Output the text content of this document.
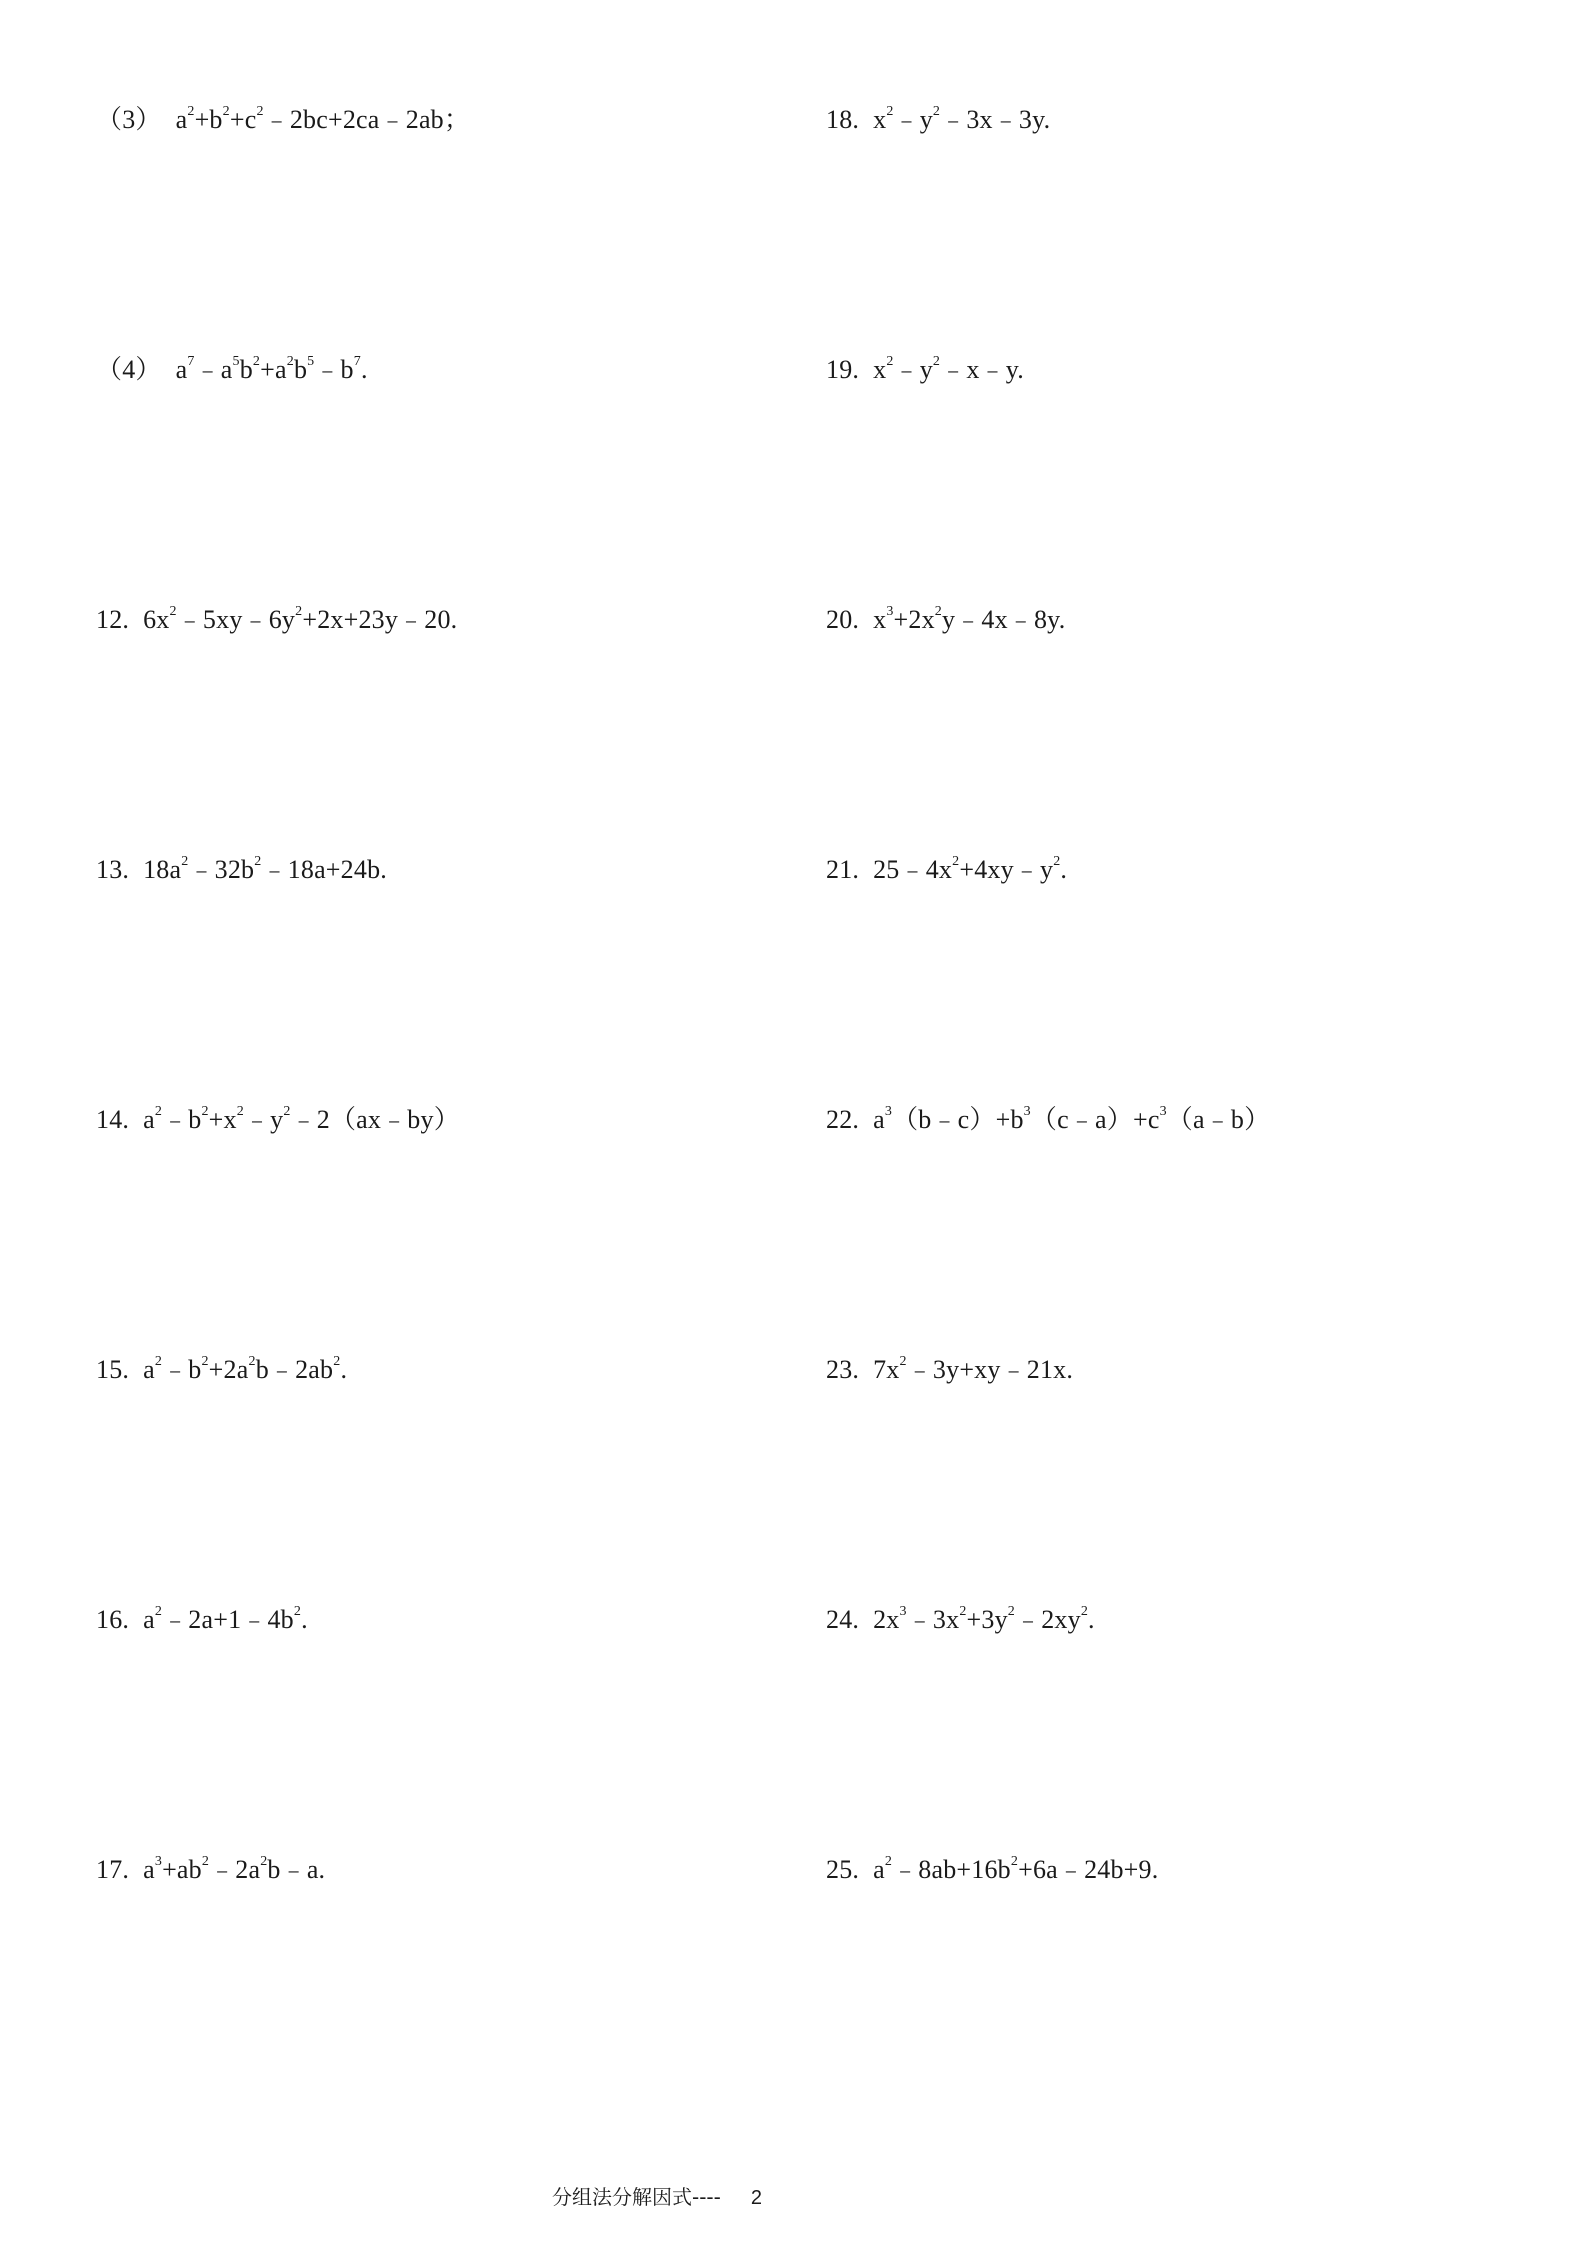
（3） $a^2+b^2+c^2﹣2bc+2ca﹣2ab$；
（4） $a^7﹣a^5b^2+a^2b^5﹣b^7$.
12. $6x^2﹣5xy﹣6y^2+2x+23y﹣20$.
13. $18a^2﹣32b^2﹣18a+24b$.
14. $a^2﹣b^2+x^2﹣y^2﹣2(ax﹣by)$
15. $a^2﹣b^2+2a^2b﹣2ab^2$.
16. $a^2﹣2a+1﹣4b^2$.
17. $a^3+ab^2﹣2a^2b﹣a$.
18. $x^2﹣y^2﹣3x﹣3y$.
19. $x^2﹣y^2﹣x﹣y$.
20. $x^3+2x^2y﹣4x﹣8y$.
21. $25﹣4x^2+4xy﹣y^2$.
22. $a^3(b﹣c)+b^3(c﹣a)+c^3(a﹣b)$
23. $7x^2﹣3y+xy﹣21x$.
24. $2x^3﹣3x^2+3y^2﹣2xy^2$.
25. $a^2﹣8ab+16b^2+6a﹣24b+9$.
分组法分解因式---- 2
